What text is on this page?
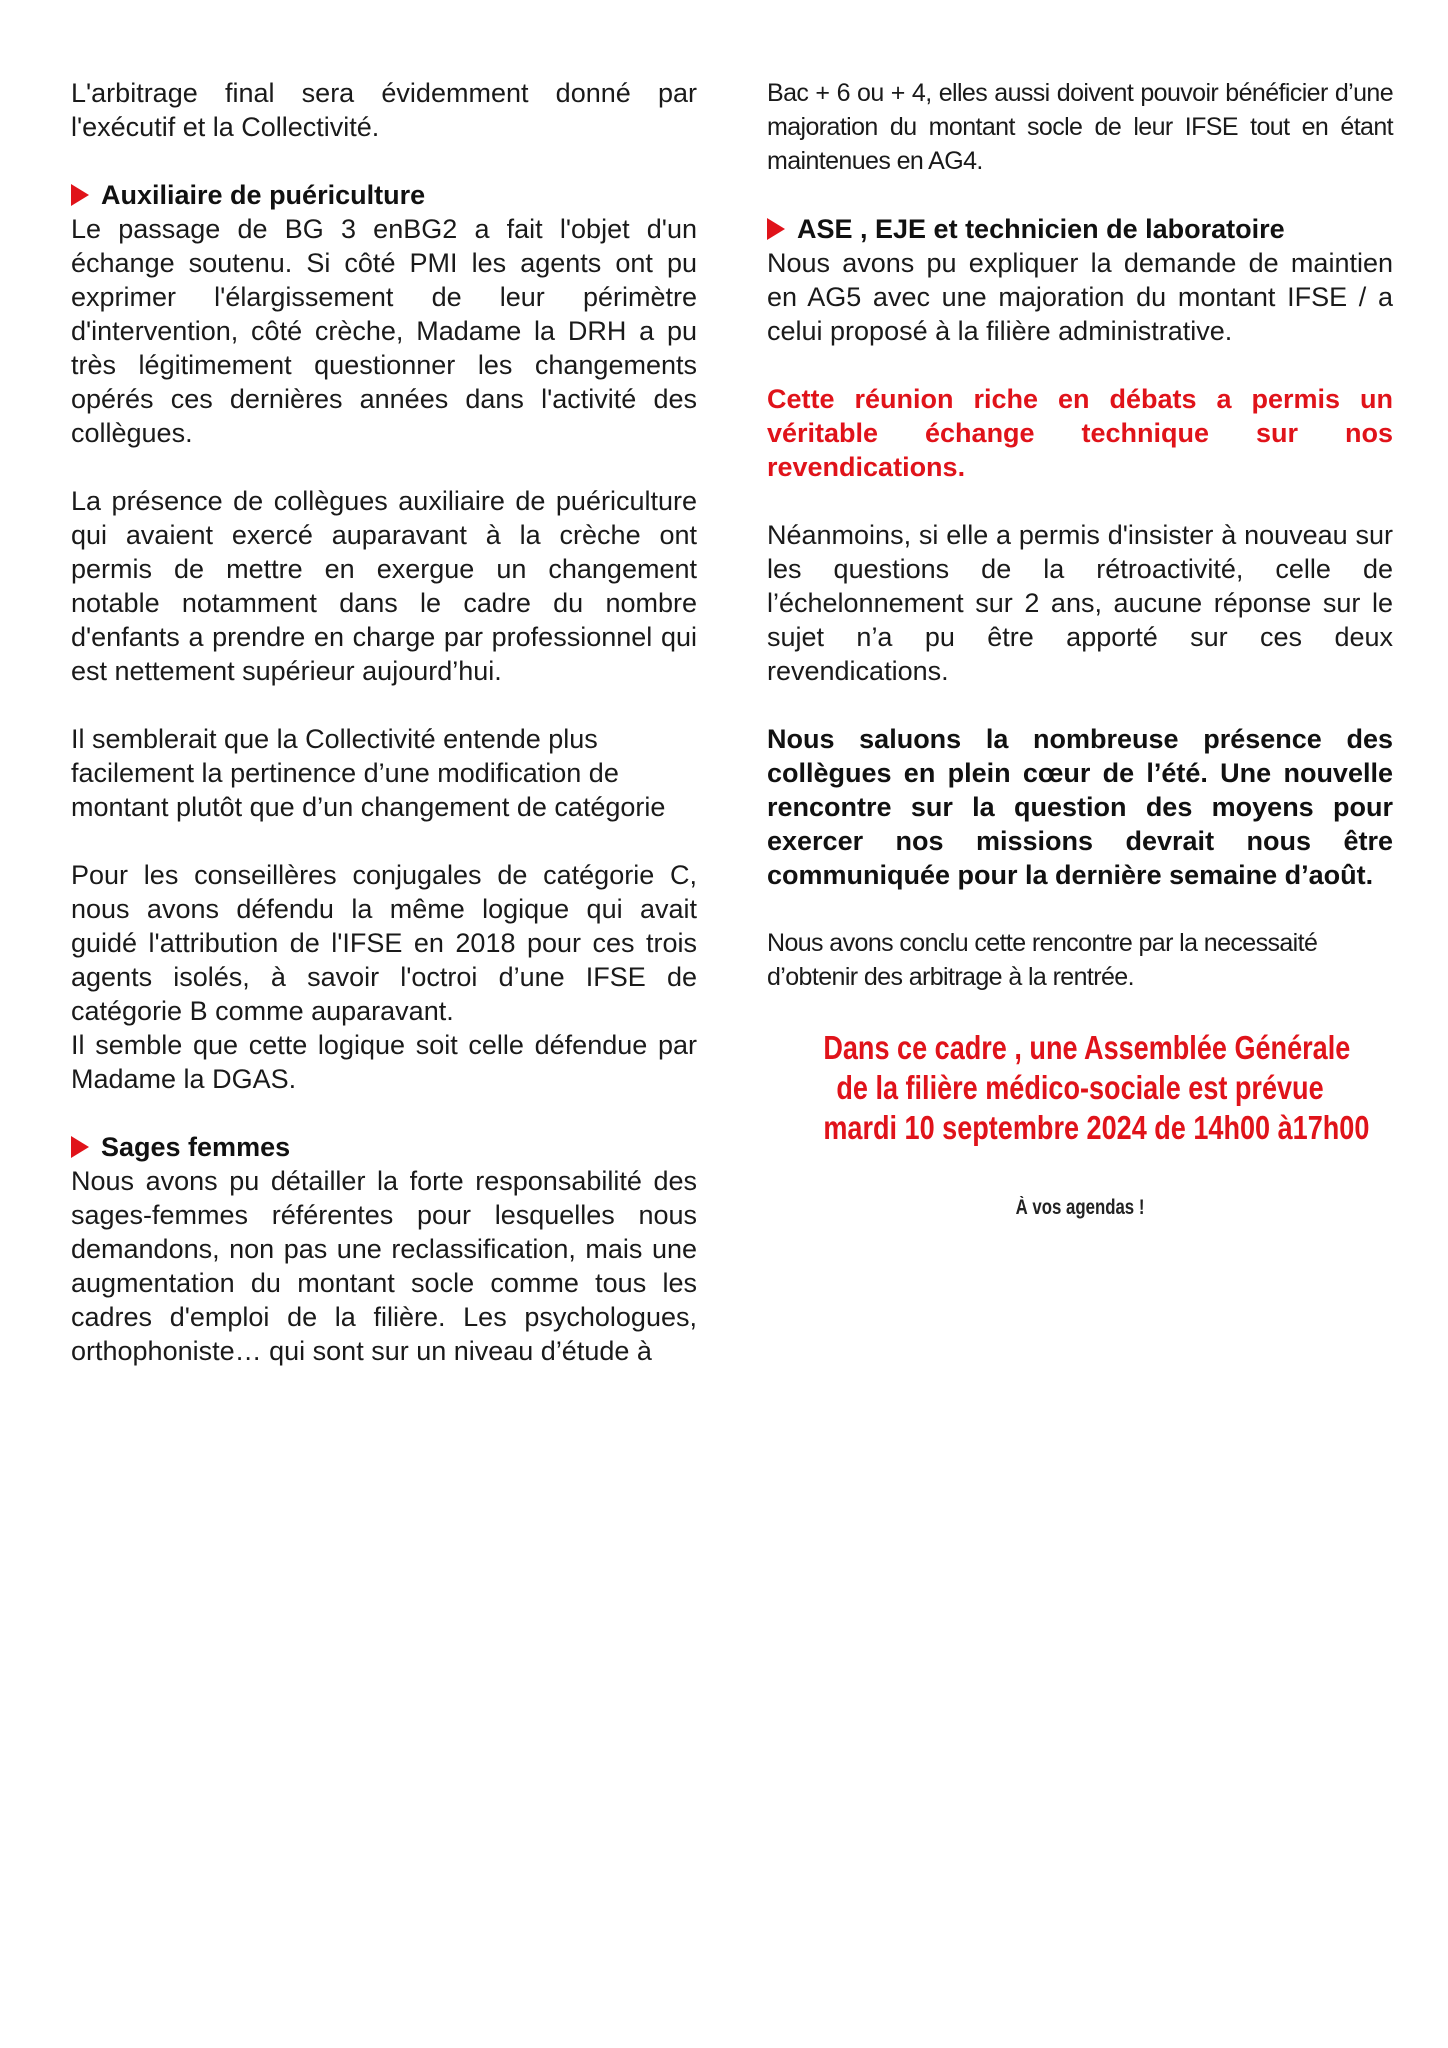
L'arbitrage final sera évidemment donné par l'exécutif et la Collectivité.

Auxiliaire de puériculture

Le passage de BG 3 enBG2 a fait l'objet d'un échange soutenu. Si côté PMI les agents ont pu exprimer l'élargissement de leur périmètre d'intervention, côté crèche, Madame la DRH a pu très légitimement questionner les changements opérés ces dernières années dans l'activité des collègues.

La présence de collègues auxiliaire de puériculture qui avaient exercé auparavant à la crèche ont permis de mettre en exergue un changement notable notamment dans le cadre du nombre d'enfants a prendre en charge par professionnel qui est nettement supérieur aujourd’hui.

Il semblerait que la Collectivité entende plus facilement la pertinence d’une modification de montant plutôt que d’un changement de catégorie

Pour les conseillères conjugales de catégorie C, nous avons défendu la même logique qui avait guidé l'attribution de l'IFSE en 2018 pour ces trois agents isolés, à savoir l'octroi d’une IFSE de catégorie B comme auparavant.

Il semble que cette logique soit celle défendue par Madame la DGAS.

Sages femmes

Nous avons pu détailler la forte responsabilité des sages-femmes référentes pour lesquelles nous demandons, non pas une reclassification, mais une augmentation du montant socle comme tous les cadres d'emploi de la filière. Les psychologues, orthophoniste… qui sont sur un niveau d’étude à

Bac + 6 ou + 4, elles aussi doivent pouvoir bénéficier d’une majoration du montant socle de leur IFSE tout en étant maintenues en AG4.

ASE , EJE et technicien de laboratoire

Nous avons pu expliquer la demande de maintien en AG5 avec une majoration du montant IFSE / a celui proposé à la filière administrative.

Cette réunion riche en débats a permis un véritable échange technique sur nos revendications.

Néanmoins, si elle a permis d'insister à nouveau sur les questions de la rétroactivité, celle de l’échelonnement sur 2 ans, aucune réponse sur le sujet n’a pu être apporté sur ces deux revendications.

Nous saluons la nombreuse présence des collègues en plein cœur de l’été. Une nouvelle rencontre sur la question des moyens pour exercer nos missions devrait nous être communiquée pour la dernière semaine d’août.

Nous avons conclu cette rencontre par la necessaité d’obtenir des arbitrage à la rentrée.

Dans ce cadre , une Assemblée Générale
de la filière médico-sociale est prévue
mardi 10 septembre 2024 de 14h00 à17h00
À vos agendas !
